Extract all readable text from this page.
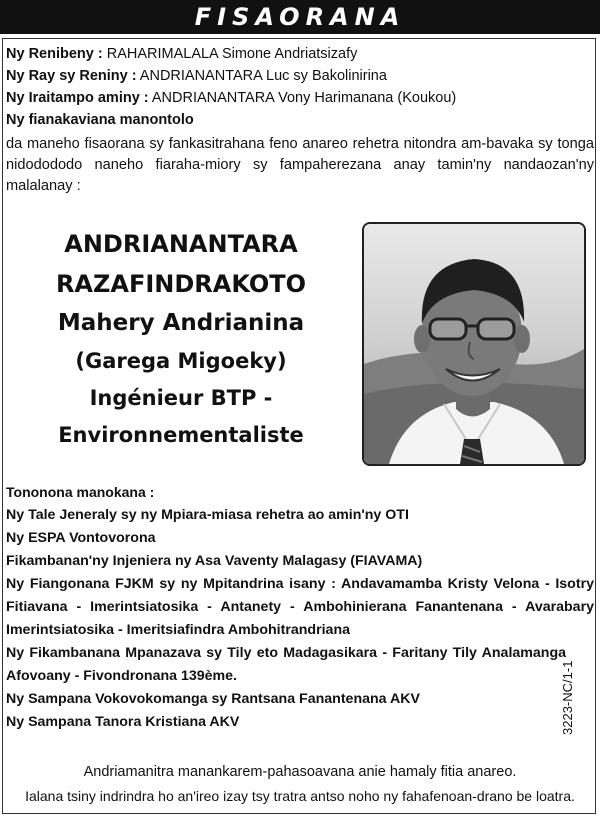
FISAORANA
Ny Renibeny : RAHARIMALALA Simone Andriatsizafy
Ny Ray sy Reniny : ANDRIANANTARA Luc sy Bakolinirina
Ny Iraitampo aminy : ANDRIANANTARA Vony Harimanana (Koukou)
Ny fianakaviana manontolo
da maneho fisaorana sy fankasitrahana feno anareo rehetra nitondra am-bavaka sy tonga nidodododo naneho fiaraha-miory sy fampaherezana anay tamin'ny nandaozan'ny malalanay :
ANDRIANANTARA
RAZAFINDRAKOTO
Mahery Andrianina
(Garega Migoeky)
Ingénieur BTP -
Environnementaliste
Tononona manokana :
Ny Tale Jeneraly sy ny Mpiara-miasa rehetra ao amin'ny OTI
Ny ESPA Vontovorona
Fikambanan'ny Injeniera ny Asa Vaventy Malagasy (FIAVAMA)
Ny Fiangonana FJKM sy ny Mpitandrina isany : Andavamamba Kristy Velona - Isotry Fitiavana - Imerintsiatosika - Antanety - Ambohinierana Fanantenana - Avarabary Imerintsiatosika - Imeritsiafindra Ambohitrandriana
Ny Fikambanana Mpanazava sy Tily eto Madagasikara - Faritany Tily Analamanga Afovoany - Fivondronana 139ème.
Ny Sampana Vokovokomanga sy Rantsana Fanantenana AKV
Ny Sampana Tanora Kristiana AKV	3223-NC/1-1
Andriamanitra manankarem-pahasoavana anie hamaly fitia anareo.
Ialana tsiny indrindra ho an'ireo izay tsy tratra antso noho ny fahafenoan-drano be loatra.
